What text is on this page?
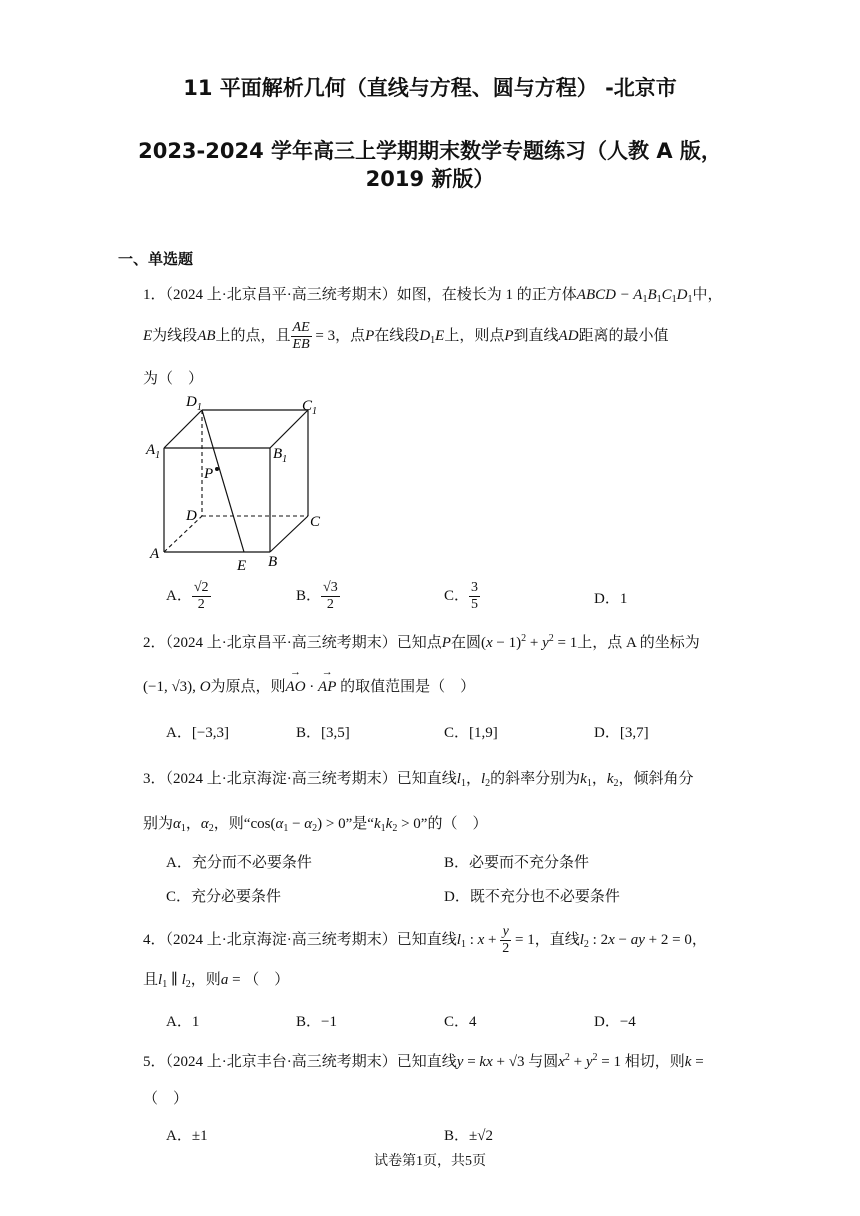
11 平面解析几何（直线与方程、圆与方程） -北京市
2023-2024 学年高三上学期期末数学专题练习（人教 A 版，
2019 新版）
一、单选题
1．（2024 上·北京昌平·高三统考期末）如图，在棱长为 1 的正方体ABCD − $A_1B_1C_1D_1$中，
E为线段AB上的点，且 $\frac{AE}{EB} = 3$，点P在线段$D_1E$上，则点P到直线AD距离的最小值
为（　）
$D_1$	$C_1$
$A_1$	$B_1$
P
D	C
A
E B
A． $\frac{√2}{2}$	B． $\frac{√3}{2}$	C． $\frac{3}{5}$	D．1
2．（2024 上·北京昌平·高三统考期末）已知点P在圆$(x - 1)^2 + y^2 = 1$上，点 A 的坐标为
(−1, √3), O为原点，则→ AO · → AP 的取值范围是（　）
A．[−3,3]	B．[3,5]	C．[1,9]	D．[3,7]
3．（2024 上·北京海淀·高三统考期末）已知直线$l_1$，$l_2$的斜率分别为$k_1$，$k_2$，倾斜角分
别为$\alpha_1$，$\alpha_2$，则“$\cos(\alpha_1 - \alpha_2) > 0$”是“$k_1k_2 > 0$”的（　）
A．充分而不必要条件	B．必要而不充分条件
C．充分必要条件	D．既不充分也不必要条件
4．（2024 上·北京海淀·高三统考期末）已知直线$l_1$ : $x + \frac{y}{2} = 1$，直线$l_2$ : 2x − ay + 2 = 0，
且$l_1$ ∥ $l_2$，则a = （　）
A．1	B．−1	C．4	D．−4
5．（2024 上·北京丰台·高三统考期末）已知直线y = kx + √3 与圆$x^2 + y^2 = 1$ 相切，则k =
（　）
A．±1	B．±√2
试卷第1页，共5页
